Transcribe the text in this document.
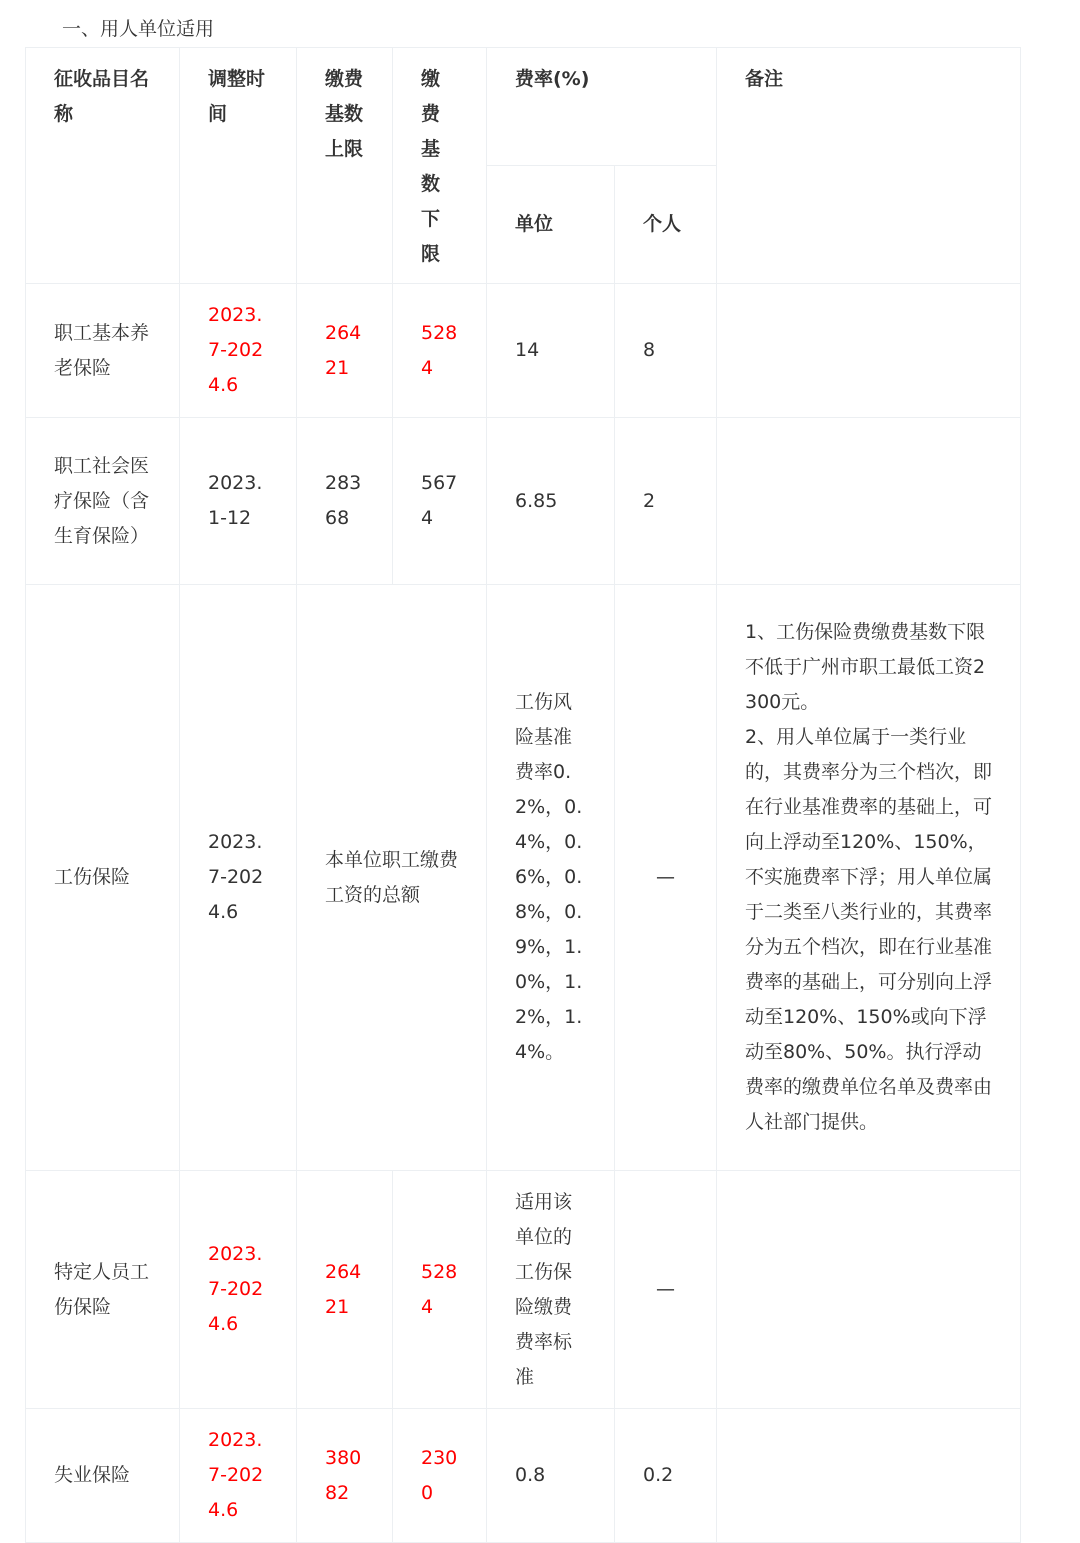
一、用人单位适用
征收品目名称	调整时间	缴费基数上限	缴费基数下限	费率(%)		备注
				单位	个人	
职工基本养老保险	2023.7-2024.6	26421	5284	14	8	
职工社会医疗保险（含生育保险）	2023.1-12	28368	5674	6.85	2	
工伤保险	2023.7-2024.6	本单位职工缴费工资的总额		工伤风险基准费率0.2%，0.4%，0.6%，0.8%，0.9%，1.0%，1.2%，1.4%。	—	1、工伤保险费缴费基数下限不低于广州市职工最低工资2300元。
2、用人单位属于一类行业的，其费率分为三个档次，即在行业基准费率的基础上，可向上浮动至120%、150%，不实施费率下浮；用人单位属于二类至八类行业的，其费率分为五个档次，即在行业基准费率的基础上，可分别向上浮动至120%、150%或向下浮动至80%、50%。执行浮动费率的缴费单位名单及费率由人社部门提供。

特定人员工伤保险	2023.7-2024.6	26421	5284	适用该单位的工伤保险缴费费率标准	—	
失业保险	2023.7-2024.6	38082	2300	0.8	0.2	
